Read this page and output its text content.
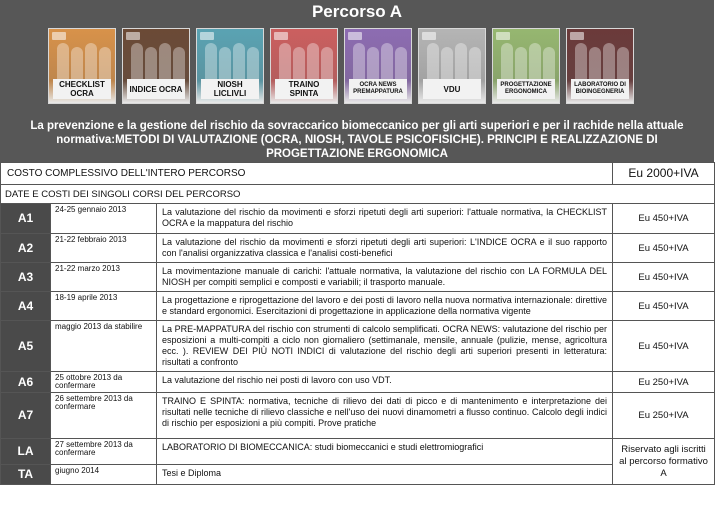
Percorso A
CHECKLIST OCRA	INDICE OCRA	NIOSH LICLIVLI
TRAINO SPINTA
OCRA NEWS PREMAPPATURA	VDU	PROGETTAZIONE ERGONOMICA
LABORATORIO DI BIOINGEGNERIA
La prevenzione e la gestione del rischio da sovraccarico biomeccanico per gli arti superiori e per il rachide nella attuale normativa:METODI DI VALUTAZIONE (OCRA, NIOSH, TAVOLE PSICOFISICHE). PRINCIPI E REALIZZAZIONE DI PROGETTAZIONE ERGONOMICA
COSTO COMPLESSIVO DELL'INTERO PERCORSO			Eu 2000+IVA
DATE E COSTI DEI SINGOLI CORSI DEL PERCORSO			
A1	24-25 gennaio 2013	La valutazione del rischio da movimenti e sforzi ripetuti degli arti superiori: l'attuale normativa, la CHECKLIST OCRA e la mappatura del rischio	Eu 450+IVA
A2	21-22 febbraio 2013	La valutazione del rischio da movimenti e sforzi ripetuti degli arti superiori: L'INDICE OCRA e il suo rapporto con l'analisi organizzativa classica e l'analisi costi-benefici	Eu 450+IVA
A3	21-22 marzo 2013	La movimentazione manuale di carichi: l'attuale normativa, la valutazione del rischio con LA FORMULA DEL NIOSH per compiti semplici e composti e variabili; il trasporto manuale.	Eu 450+IVA
A4	18-19 aprile 2013	La progettazione e riprogettazione del lavoro e dei posti di lavoro nella nuova normativa internazionale: direttive e standard ergonomici. Esercitazioni di progettazione in applicazione della normativa vigente	Eu 450+IVA
A5	maggio 2013 da stabilire	La PRE-MAPPATURA del rischio con strumenti di calcolo semplificati. OCRA NEWS: valutazione del rischio per esposizioni a multi-compiti a ciclo non giornaliero (settimanale, mensile, annuale (pulizie, mense, agricoltura ecc. ). REVIEW DEI PIÙ NOTI INDICI di valutazione del rischio degli arti superiori presenti in letteratura: risultati a confronto	Eu 450+IVA
A6	25 ottobre 2013 da confermare	La valutazione del rischio nei posti di lavoro con uso VDT.	Eu 250+IVA
A7	26 settembre 2013 da confermare	TRAINO E SPINTA: normativa, tecniche di rilievo dei dati di picco e di mantenimento e interpretazione dei risultati nelle tecniche di rilievo classiche e nell'uso dei nuovi dinamometri a flusso continuo. Calcolo degli indici di rischio per esposizioni a più compiti. Prove pratiche	Eu 250+IVA
LA	27 settembre 2013 da confermare	LABORATORIO DI BIOMECCANICA: studi biomeccanici e studi elettromiografici	Riservato agli iscritti al percorso formativo A
TA	giugno 2014	Tesi e Diploma	
